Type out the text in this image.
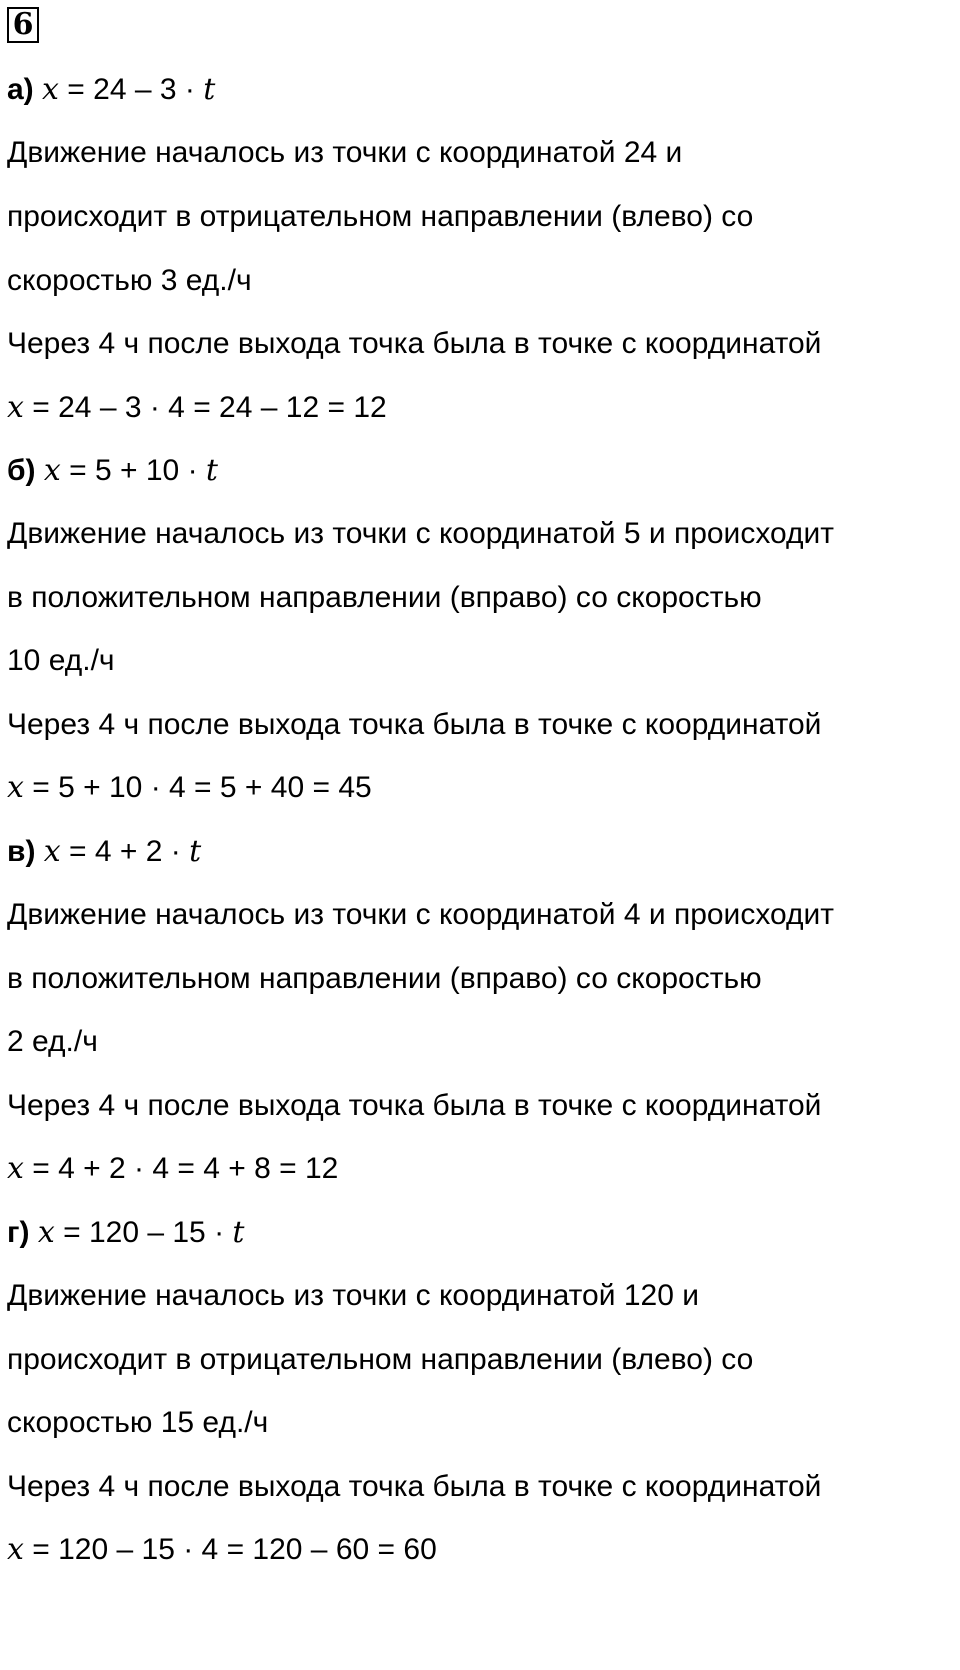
6
а) x = 24 – 3 · t
Движение началось из точки с координатой 24 и
происходит в отрицательном направлении (влево) со
скоростью 3 ед./ч
Через 4 ч после выхода точка была в точке с координатой
x = 24 – 3 · 4 = 24 – 12 = 12
б) x = 5 + 10 · t
Движение началось из точки с координатой 5 и происходит
в положительном направлении (вправо) со скоростью
10 ед./ч
Через 4 ч после выхода точка была в точке с координатой
x = 5 + 10 · 4 = 5 + 40 = 45
в) x = 4 + 2 · t
Движение началось из точки с координатой 4 и происходит
в положительном направлении (вправо) со скоростью
2 ед./ч
Через 4 ч после выхода точка была в точке с координатой
x = 4 + 2 · 4 = 4 + 8 = 12
г) x = 120 – 15 · t
Движение началось из точки с координатой 120 и
происходит в отрицательном направлении (влево) со
скоростью 15 ед./ч
Через 4 ч после выхода точка была в точке с координатой
x = 120 – 15 · 4 = 120 – 60 = 60
